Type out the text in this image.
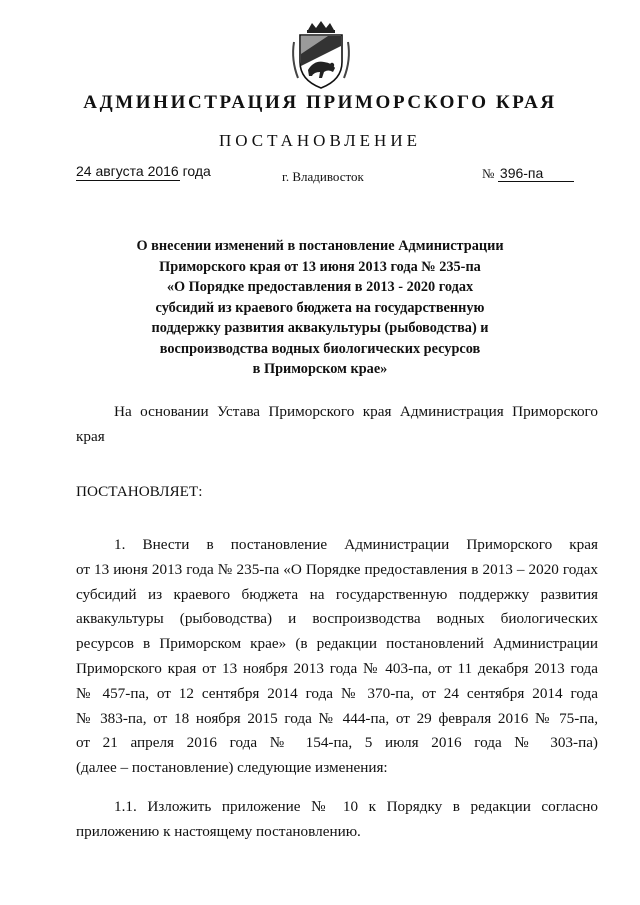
АДМИНИСТРАЦИЯ ПРИМОРСКОГО КРАЯ
ПОСТАНОВЛЕНИЕ
24 августа 2016 года	г. Владивосток	№ 396-па
О внесении изменений в постановление Администрации
Приморского края от 13 июня 2013 года № 235-па
«О Порядке предоставления в 2013 - 2020 годах
субсидий из краевого бюджета на государственную
поддержку развития аквакультуры (рыбоводства) и
воспроизводства водных биологических ресурсов
в Приморском крае»
На основании Устава Приморского края Администрация Приморского
края
ПОСТАНОВЛЯЕТ:
1. Внести в постановление Администрации Приморского края
от 13 июня 2013 года № 235-па «О Порядке предоставления в 2013 – 2020 годах
субсидий из краевого бюджета на государственную поддержку развития
аквакультуры (рыбоводства) и воспроизводства водных биологических
ресурсов в Приморском крае» (в редакции постановлений Администрации
Приморского края от 13 ноября 2013 года № 403-па, от 11 декабря 2013 года
№ 457-па, от 12 сентября 2014 года № 370-па, от 24 сентября 2014 года
№ 383-па, от 18 ноября 2015 года № 444-па, от 29 февраля 2016 № 75-па,
от 21 апреля 2016 года № 154-па, 5 июля 2016 года № 303-па)
(далее – постановление) следующие изменения:
1.1. Изложить приложение № 10 к Порядку в редакции согласно
приложению к настоящему постановлению.
